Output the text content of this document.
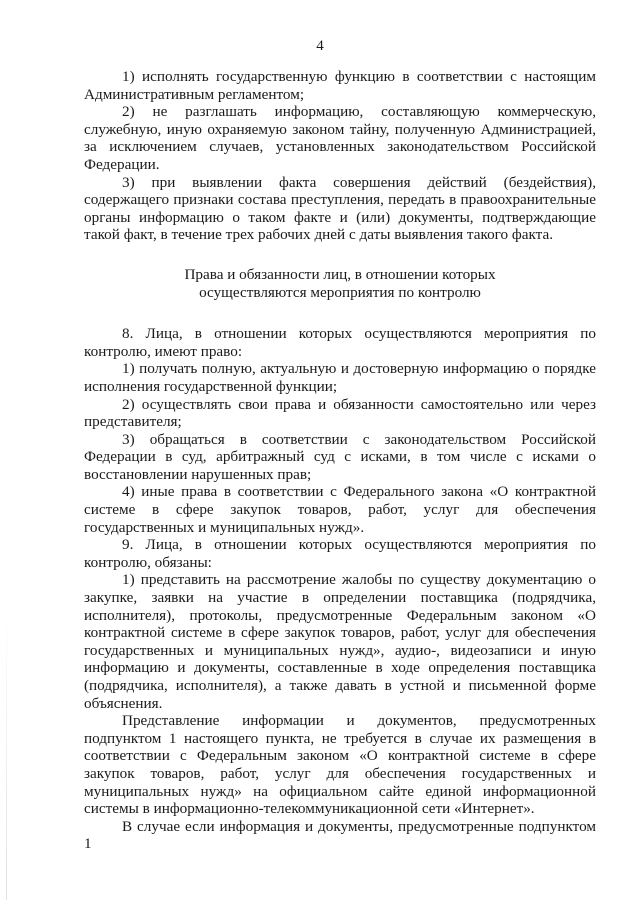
4

1) исполнять государственную функцию в соответствии с настоящим Административным регламентом;

2) не разглашать информацию, составляющую коммерческую, служебную, иную охраняемую законом тайну, полученную Администрацией, за исключением случаев, установленных законодательством Российской Федерации.

3) при выявлении факта совершения действий (бездействия), содержащего признаки состава преступления, передать в правоохранительные органы информацию о таком факте и (или) документы, подтверждающие такой факт, в течение трех рабочих дней с даты выявления такого факта.

Права и обязанности лиц, в отношении которых
осуществляются мероприятия по контролю

8. Лица, в отношении которых осуществляются мероприятия по контролю, имеют право:

1) получать полную, актуальную и достоверную информацию о порядке исполнения государственной функции;

2) осуществлять свои права и обязанности самостоятельно или через представителя;

3) обращаться в соответствии с законодательством Российской Федерации в суд, арбитражный суд с исками, в том числе с исками о восстановлении нарушенных прав;

4) иные права в соответствии с Федерального закона «О контрактной системе в сфере закупок товаров, работ, услуг для обеспечения государственных и муниципальных нужд».

9. Лица, в отношении которых осуществляются мероприятия по контролю, обязаны:

1) представить на рассмотрение жалобы по существу документацию о закупке, заявки на участие в определении поставщика (подрядчика, исполнителя), протоколы, предусмотренные Федеральным законом «О контрактной системе в сфере закупок товаров, работ, услуг для обеспечения государственных и муниципальных нужд», аудио-, видеозаписи и иную информацию и документы, составленные в ходе определения поставщика (подрядчика, исполнителя), а также давать в устной и письменной форме объяснения.

Представление информации и документов, предусмотренных подпунктом 1 настоящего пункта, не требуется в случае их размещения в соответствии с Федеральным законом «О контрактной системе в сфере закупок товаров, работ, услуг для обеспечения государственных и муниципальных нужд» на официальном сайте единой информационной системы в информационно-телекоммуникационной сети «Интернет».

В случае если информация и документы, предусмотренные подпунктом 1
